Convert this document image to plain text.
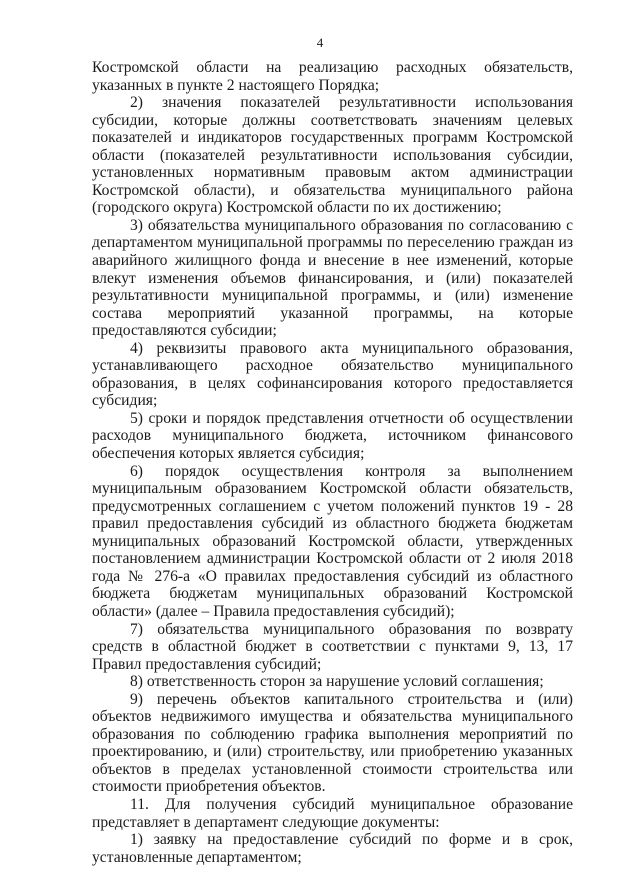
4

Костромской области на реализацию расходных обязательств, указанных в пункте 2 настоящего Порядка;

2) значения показателей результативности использования субсидии, которые должны соответствовать значениям целевых показателей и индикаторов государственных программ Костромской области (показателей результативности использования субсидии, установленных нормативным правовым актом администрации Костромской области), и обязательства муниципального района (городского округа) Костромской области по их достижению;

3) обязательства муниципального образования по согласованию с департаментом муниципальной программы по переселению граждан из аварийного жилищного фонда и внесение в нее изменений, которые влекут изменения объемов финансирования, и (или) показателей результативности муниципальной программы, и (или) изменение состава мероприятий указанной программы, на которые предоставляются субсидии;

4) реквизиты правового акта муниципального образования, устанавливающего расходное обязательство муниципального образования, в целях софинансирования которого предоставляется субсидия;

5) сроки и порядок представления отчетности об осуществлении расходов муниципального бюджета, источником финансового обеспечения которых является субсидия;

6) порядок осуществления контроля за выполнением муниципальным образованием Костромской области обязательств, предусмотренных соглашением с учетом положений пунктов 19 - 28 правил предоставления субсидий из областного бюджета бюджетам муниципальных образований Костромской области, утвержденных постановлением администрации Костромской области от 2 июля 2018 года № 276-а «О правилах предоставления субсидий из областного бюджета бюджетам муниципальных образований Костромской области» (далее – Правила предоставления субсидий);

7) обязательства муниципального образования по возврату средств в областной бюджет в соответствии с пунктами 9, 13, 17 Правил предоставления субсидий;

8) ответственность сторон за нарушение условий соглашения;

9) перечень объектов капитального строительства и (или) объектов недвижимого имущества и обязательства муниципального образования по соблюдению графика выполнения мероприятий по проектированию, и (или) строительству, или приобретению указанных объектов в пределах установленной стоимости строительства или стоимости приобретения объектов.

11. Для получения субсидий муниципальное образование представляет в департамент следующие документы:

1) заявку на предоставление субсидий по форме и в срок, установленные департаментом;
